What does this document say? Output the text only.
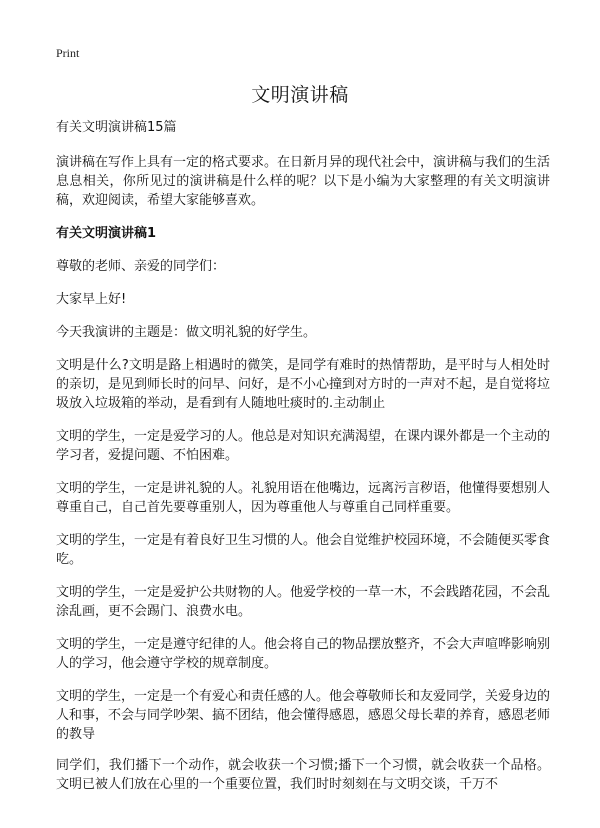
Print
文明演讲稿

有关文明演讲稿15篇

演讲稿在写作上具有一定的格式要求。在日新月异的现代社会中，演讲稿与我们的生活息息相关，你所见过的演讲稿是什么样的呢？以下是小编为大家整理的有关文明演讲稿，欢迎阅读，希望大家能够喜欢。

有关文明演讲稿1

尊敬的老师、亲爱的同学们：

大家早上好!

今天我演讲的主题是：做文明礼貌的好学生。

文明是什么?文明是路上相遇时的微笑，是同学有难时的热情帮助，是平时与人相处时的亲切，是见到师长时的问早、问好，是不小心撞到对方时的一声对不起，是自觉将垃圾放入垃圾箱的举动，是看到有人随地吐痰时的.主动制止

文明的学生，一定是爱学习的人。他总是对知识充满渴望，在课内课外都是一个主动的学习者，爱提问题、不怕困难。

文明的学生，一定是讲礼貌的人。礼貌用语在他嘴边，远离污言秽语，他懂得要想别人尊重自己，自己首先要尊重别人，因为尊重他人与尊重自己同样重要。

文明的学生，一定是有着良好卫生习惯的人。他会自觉维护校园环境，不会随便买零食吃。

文明的学生，一定是爱护公共财物的人。他爱学校的一草一木，不会践踏花园，不会乱涂乱画，更不会踢门、浪费水电。

文明的学生，一定是遵守纪律的人。他会将自己的物品摆放整齐，不会大声喧哗影响别人的学习，他会遵守学校的规章制度。

文明的学生，一定是一个有爱心和责任感的人。他会尊敬师长和友爱同学，关爱身边的人和事，不会与同学吵架、搞不团结，他会懂得感恩，感恩父母长辈的养育，感恩老师的教导

同学们，我们播下一个动作，就会收获一个习惯;播下一个习惯，就会收获一个品格。文明已被人们放在心里的一个重要位置，我们时时刻刻在与文明交谈，千万不
